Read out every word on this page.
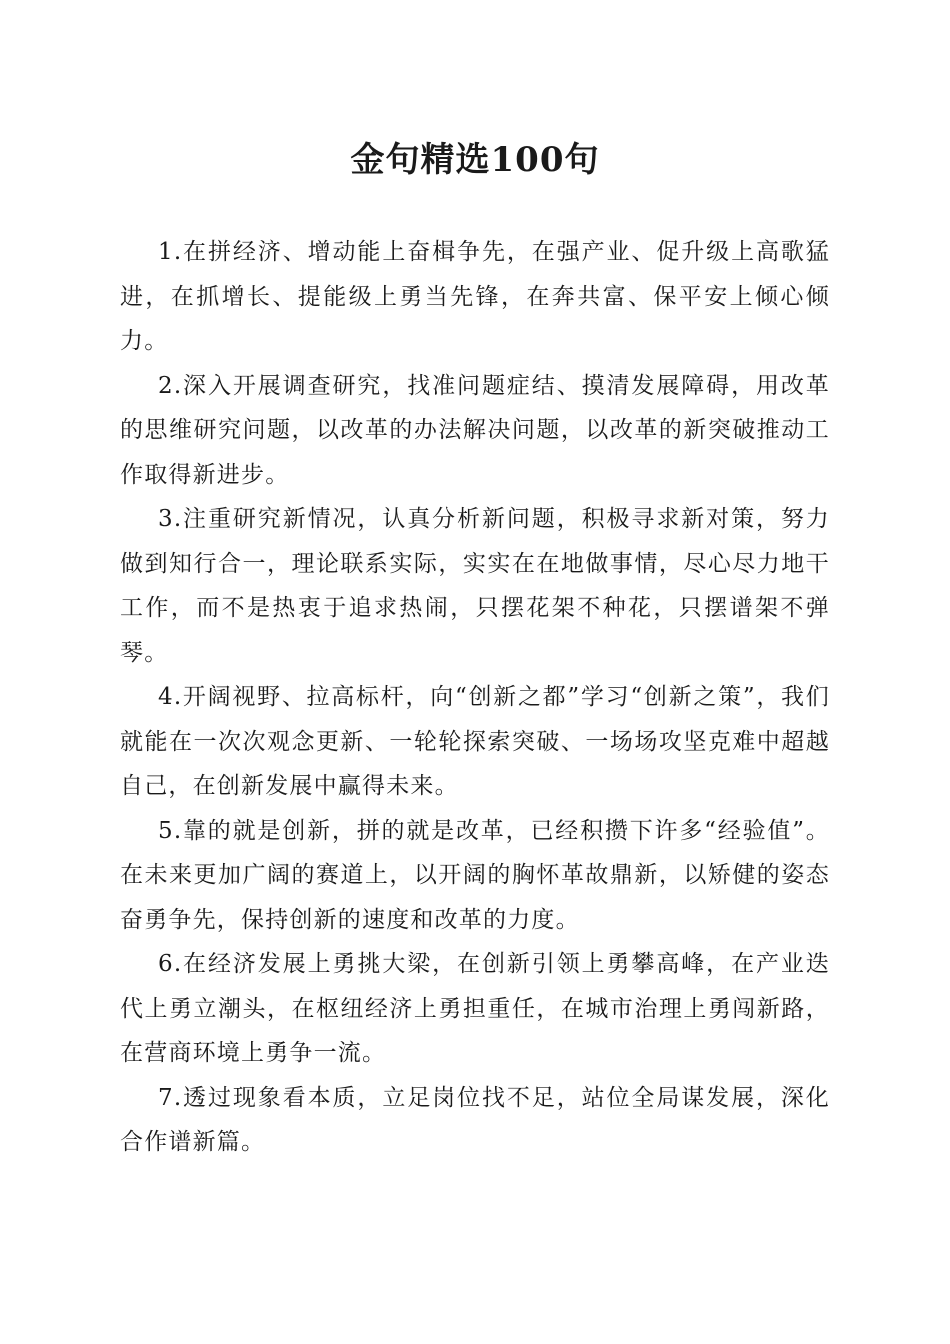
金句精选100句

1.在拼经济、增动能上奋楫争先，在强产业、促升级上高歌猛进，在抓增长、提能级上勇当先锋，在奔共富、保平安上倾心倾力。

2.深入开展调查研究，找准问题症结、摸清发展障碍，用改革的思维研究问题，以改革的办法解决问题，以改革的新突破推动工作取得新进步。

3.注重研究新情况，认真分析新问题，积极寻求新对策，努力做到知行合一，理论联系实际，实实在在地做事情，尽心尽力地干工作，而不是热衷于追求热闹，只摆花架不种花，只摆谱架不弹琴。

4.开阔视野、拉高标杆，向“创新之都”学习“创新之策”，我们就能在一次次观念更新、一轮轮探索突破、一场场攻坚克难中超越自己，在创新发展中赢得未来。

5.靠的就是创新，拼的就是改革，已经积攒下许多“经验值”。在未来更加广阔的赛道上，以开阔的胸怀革故鼎新，以矫健的姿态奋勇争先，保持创新的速度和改革的力度。

6.在经济发展上勇挑大梁，在创新引领上勇攀高峰，在产业迭代上勇立潮头，在枢纽经济上勇担重任，在城市治理上勇闯新路，在营商环境上勇争一流。

7.透过现象看本质，立足岗位找不足，站位全局谋发展，深化合作谱新篇。
